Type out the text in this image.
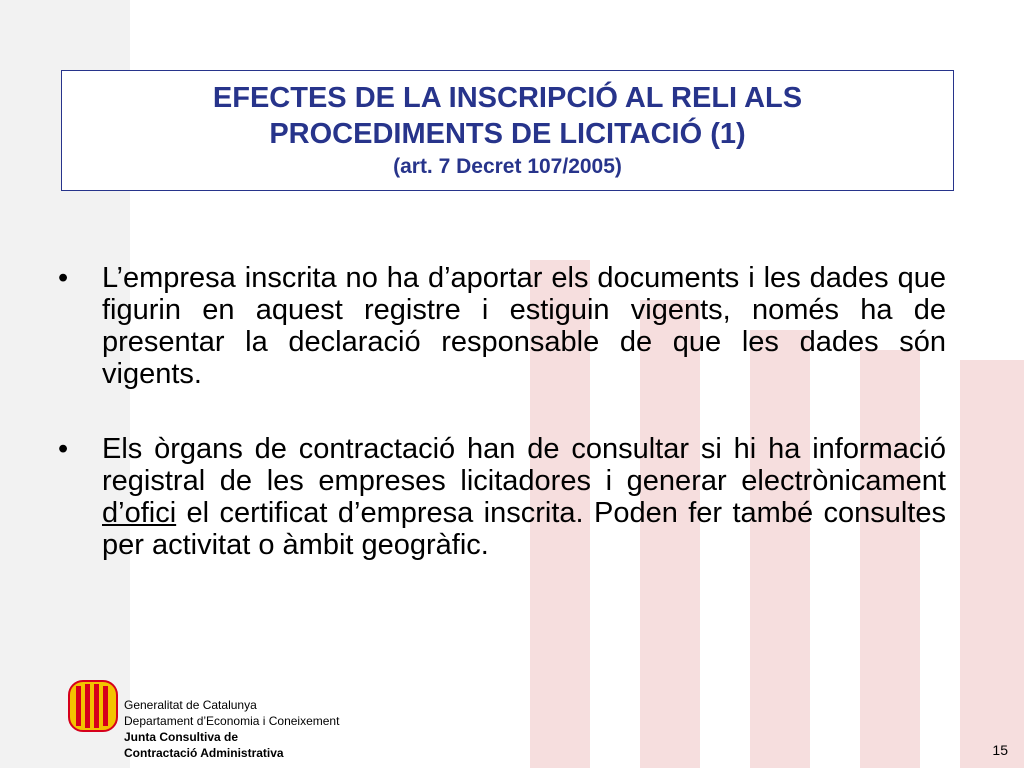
EFECTES DE LA INSCRIPCIÓ AL RELI ALS
PROCEDIMENTS DE LICITACIÓ (1)
(art. 7 Decret 107/2005)
• L’empresa inscrita no ha d’aportar els documents i les dades que figurin en aquest registre i estiguin vigents, només ha de presentar la declaració responsable de que les dades són vigents.
• Els òrgans de contractació han de consultar si hi ha informació registral de les empreses licitadores i generar electrònicament d’ofici el certificat d’empresa inscrita. Poden fer també consultes per activitat o àmbit geogràfic.
Generalitat de Catalunya
Departament d’Economia i Coneixement
Junta Consultiva de
Contractació Administrativa	15
